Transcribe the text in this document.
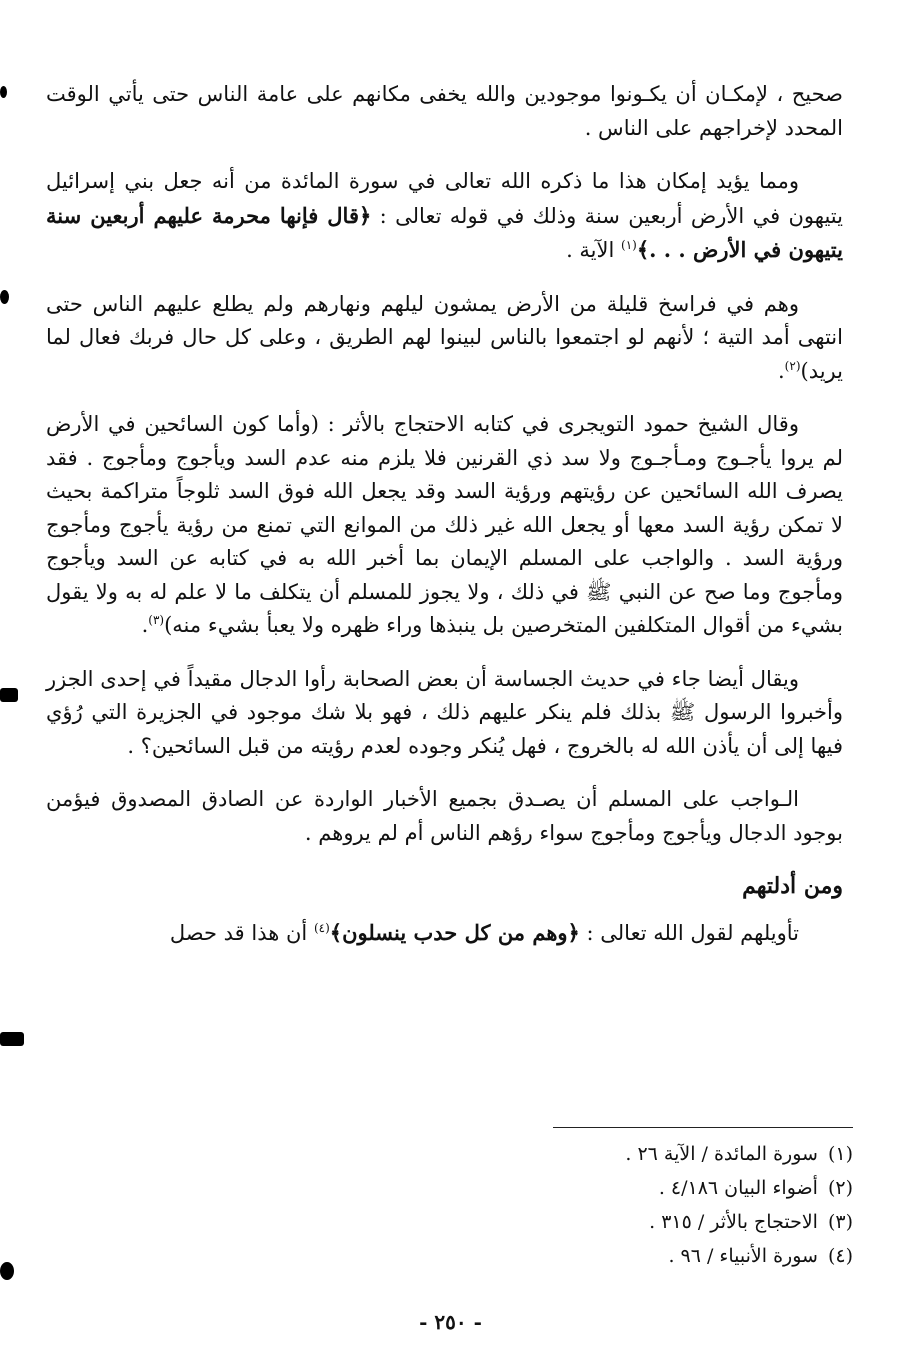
صحيح ، لإمكـان أن يكـونوا موجودين والله يخفى مكانهم على عامة الناس حتى يأتي الوقت المحدد لإخراجهم على الناس .

ومما يؤيد إمكان هذا ما ذكره الله تعالى في سورة المائدة من أنه جعل بني إسرائيل يتيهون في الأرض أربعين سنة وذلك في قوله تعالى : ﴿قال فإنها محرمة عليهم أربعين سنة يتيهون في الأرض . . .﴾$^{(١)}$ الآية .

وهم في فراسخ قليلة من الأرض يمشون ليلهم ونهارهم ولم يطلع عليهم الناس حتى انتهى أمد التية ؛ لأنهم لو اجتمعوا بالناس لبينوا لهم الطريق ، وعلى كل حال فربك فعال لما يريد)$^{(٢)}$.

وقال الشيخ حمود التويجرى في كتابه الاحتجاج بالأثر : (وأما كون السائحين في الأرض لم يروا يأجـوج ومـأجـوج ولا سد ذي القرنين فلا يلزم منه عدم السد ويأجوج ومأجوج . فقد يصرف الله السائحين عن رؤيتهم ورؤية السد وقد يجعل الله فوق السد ثلوجاً متراكمة بحيث لا تمكن رؤية السد معها أو يجعل الله غير ذلك من الموانع التي تمنع من رؤية يأجوج ومأجوج ورؤية السد . والواجب على المسلم الإيمان بما أخبر الله به في كتابه عن السد ويأجوج ومأجوج وما صح عن النبي ﷺ في ذلك ، ولا يجوز للمسلم أن يتكلف ما لا علم له به ولا يقول بشيء من أقوال المتكلفين المتخرصين بل ينبذها وراء ظهره ولا يعبأ بشيء منه)$^{(٣)}$.

ويقال أيضا جاء في حديث الجساسة أن بعض الصحابة رأوا الدجال مقيداً في إحدى الجزر وأخبروا الرسول ﷺ بذلك فلم ينكر عليهم ذلك ، فهو بلا شك موجود في الجزيرة التي رُؤي فيها إلى أن يأذن الله له بالخروج ، فهل يُنكر وجوده لعدم رؤيته من قبل السائحين؟ .

الـواجب على المسلم أن يصـدق بجميع الأخبار الواردة عن الصادق المصدوق فيؤمن بوجود الدجال ويأجوج ومأجوج سواء رؤهم الناس أم لم يروهم .

ومن أدلتهم

تأويلهم لقول الله تعالى : ﴿وهم من كل حدب ينسلون﴾$^{(٤)}$ أن هذا قد حصل

(١)سورة المائدة / الآية ٢٦ .
(٢)أضواء البيان ٤/١٨٦ .
(٣)الاحتجاج بالأثر / ٣١٥ .
(٤)سورة الأنبياء / ٩٦ .
- ٢٥٠ -
